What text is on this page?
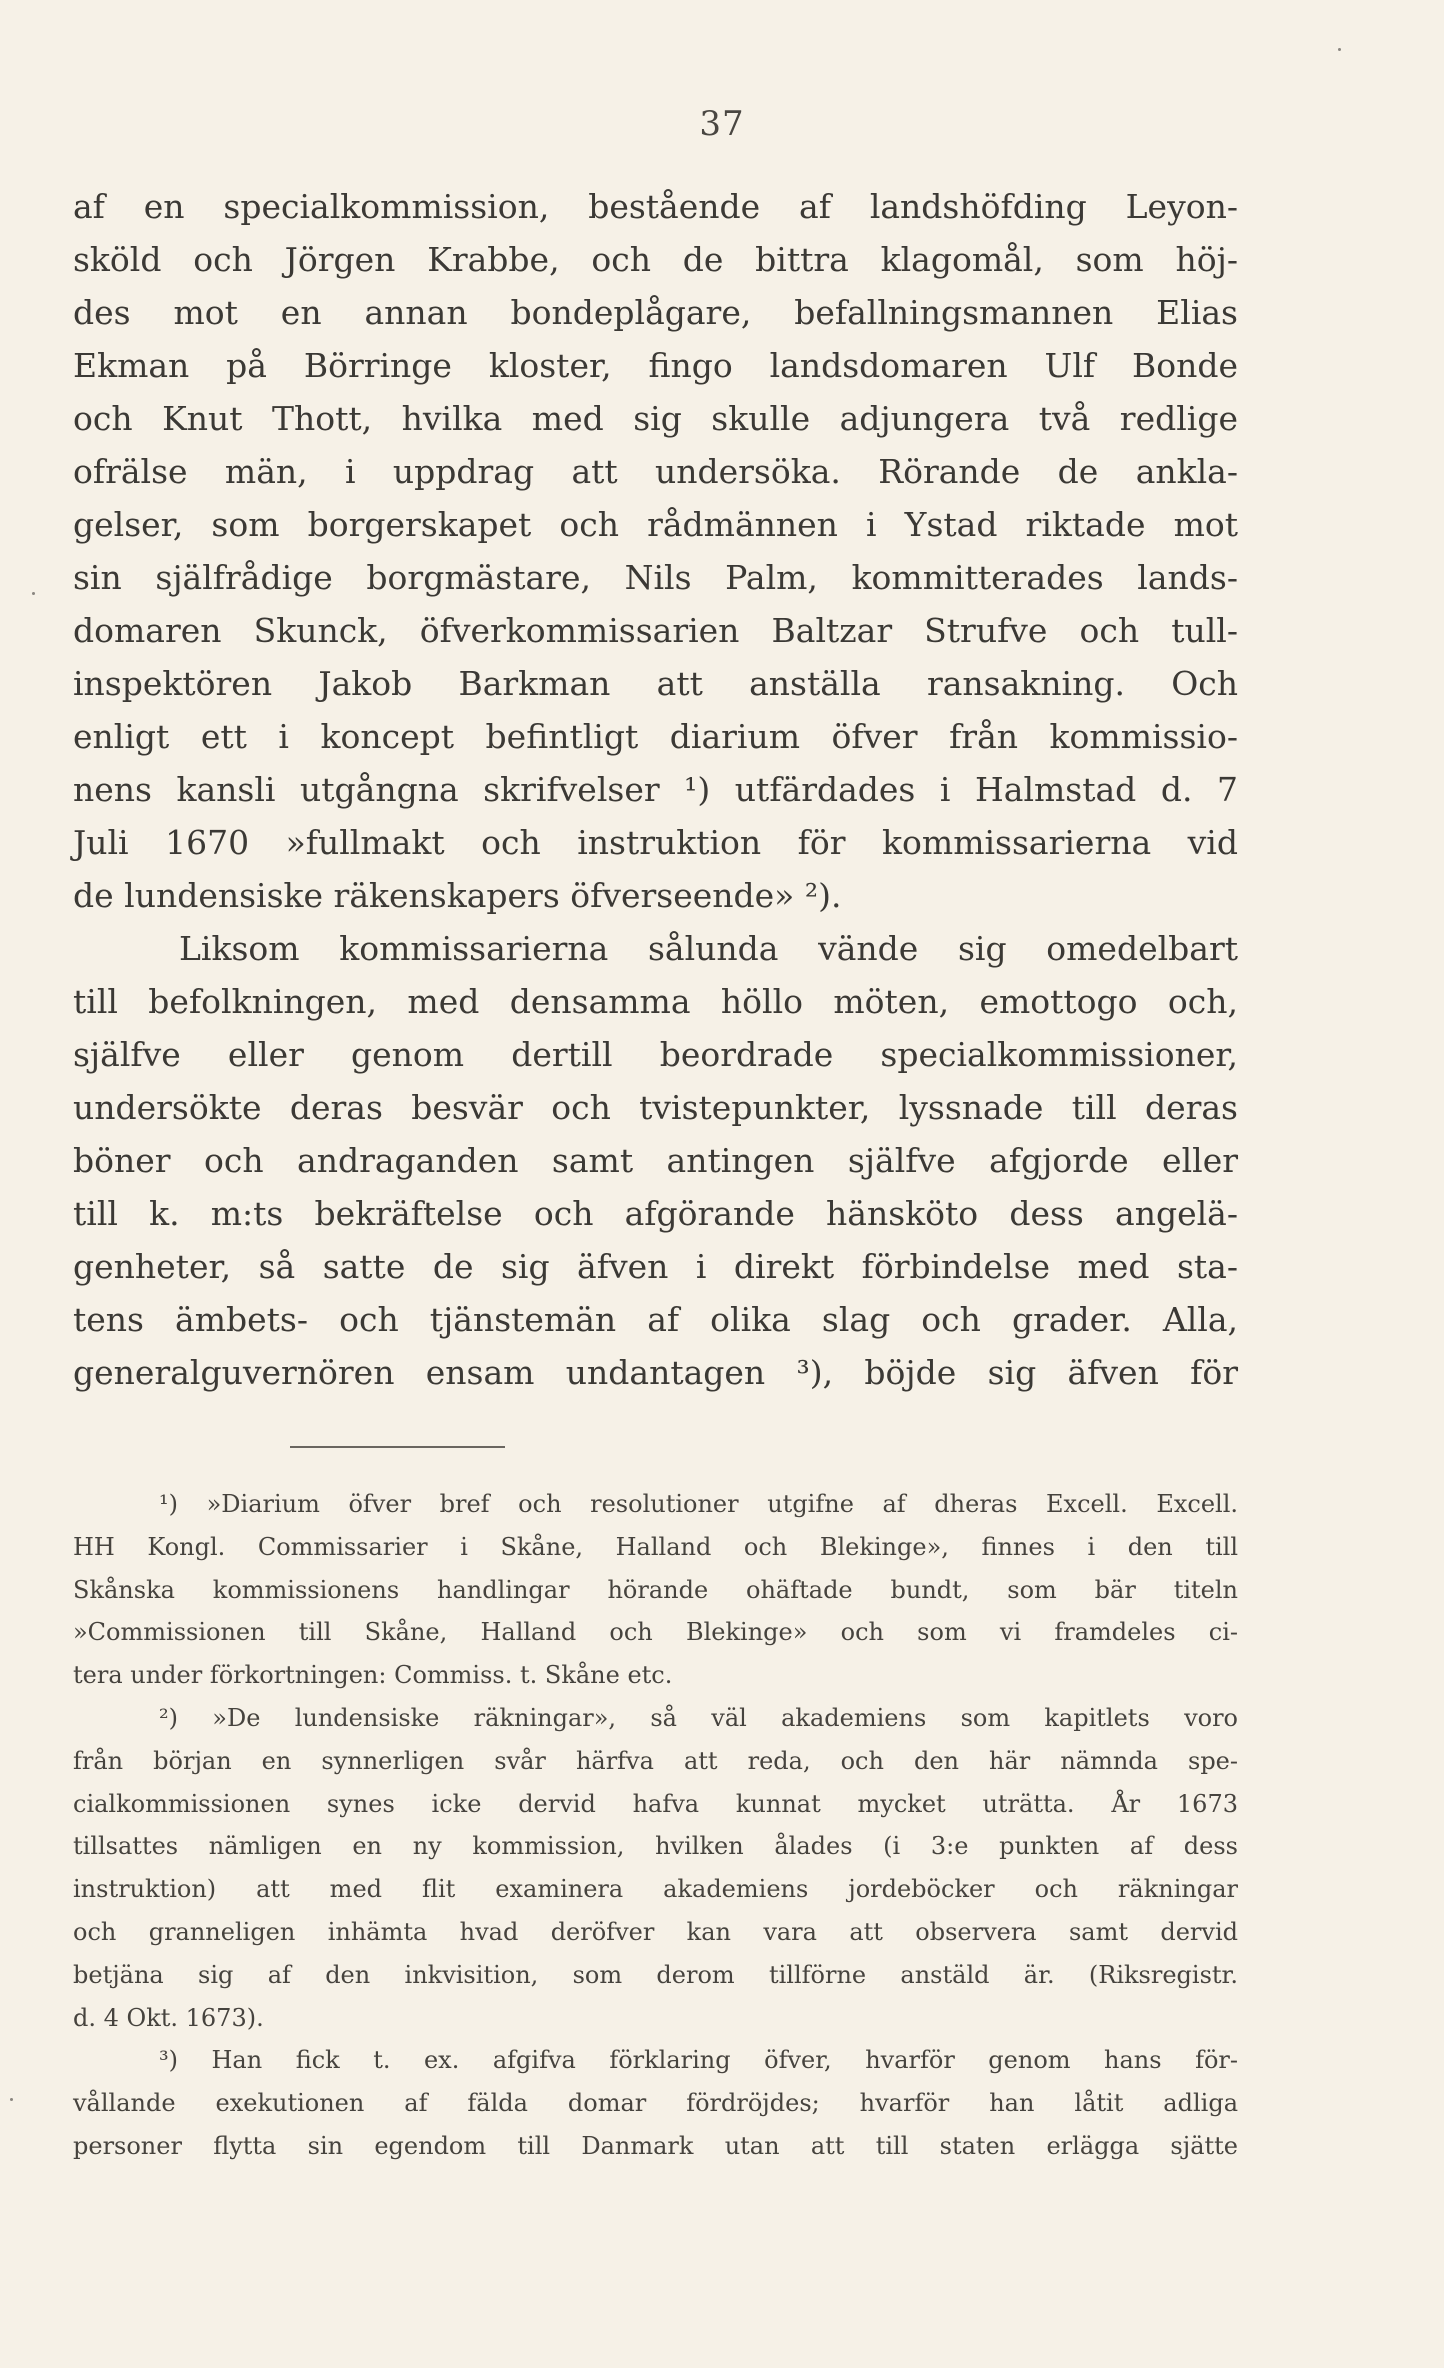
37
af en specialkommission, bestående af landshöfding Leyon-
sköld och Jörgen Krabbe, och de bittra klagomål, som höj-
des mot en annan bondeplågare, befallningsmannen Elias
Ekman på Börringe kloster, fingo landsdomaren Ulf Bonde
och Knut Thott, hvilka med sig skulle adjungera två redlige
ofrälse män, i uppdrag att undersöka. Rörande de ankla-
gelser, som borgerskapet och rådmännen i Ystad riktade mot
sin själfrådige borgmästare, Nils Palm, kommitterades lands-
domaren Skunck, öfverkommissarien Baltzar Strufve och tull-
inspektören Jakob Barkman att anställa ransakning. Och
enligt ett i koncept befintligt diarium öfver från kommissio-
nens kansli utgångna skrifvelser ¹) utfärdades i Halmstad d. 7
Juli 1670 »fullmakt och instruktion för kommissarierna vid
de lundensiske räkenskapers öfverseende» ²).
Liksom kommissarierna sålunda vände sig omedelbart
till befolkningen, med densamma höllo möten, emottogo och,
själfve eller genom dertill beordrade specialkommissioner,
undersökte deras besvär och tvistepunkter, lyssnade till deras
böner och andraganden samt antingen själfve afgjorde eller
till k. m:ts bekräftelse och afgörande hänsköto dess angelä-
genheter, så satte de sig äfven i direkt förbindelse med sta-
tens ämbets- och tjänstemän af olika slag och grader. Alla,
generalguvernören ensam undantagen ³), böjde sig äfven för
¹) »Diarium öfver bref och resolutioner utgifne af dheras Excell. Excell.
HH Kongl. Commissarier i Skåne, Halland och Blekinge», finnes i den till
Skånska kommissionens handlingar hörande ohäftade bundt, som bär titeln
»Commissionen till Skåne, Halland och Blekinge» och som vi framdeles ci-
tera under förkortningen: Commiss. t. Skåne etc.
²) »De lundensiske räkningar», så väl akademiens som kapitlets voro
från början en synnerligen svår härfva att reda, och den här nämnda spe-
cialkommissionen synes icke dervid hafva kunnat mycket uträtta. År 1673
tillsattes nämligen en ny kommission, hvilken ålades (i 3:e punkten af dess
instruktion) att med flit examinera akademiens jordeböcker och räkningar
och granneligen inhämta hvad deröfver kan vara att observera samt dervid
betjäna sig af den inkvisition, som derom tillförne anstäld är. (Riksregistr.
d. 4 Okt. 1673).
³) Han fick t. ex. afgifva förklaring öfver, hvarför genom hans för-
vållande exekutionen af fälda domar fördröjdes; hvarför han låtit adliga
personer flytta sin egendom till Danmark utan att till staten erlägga sjätte
